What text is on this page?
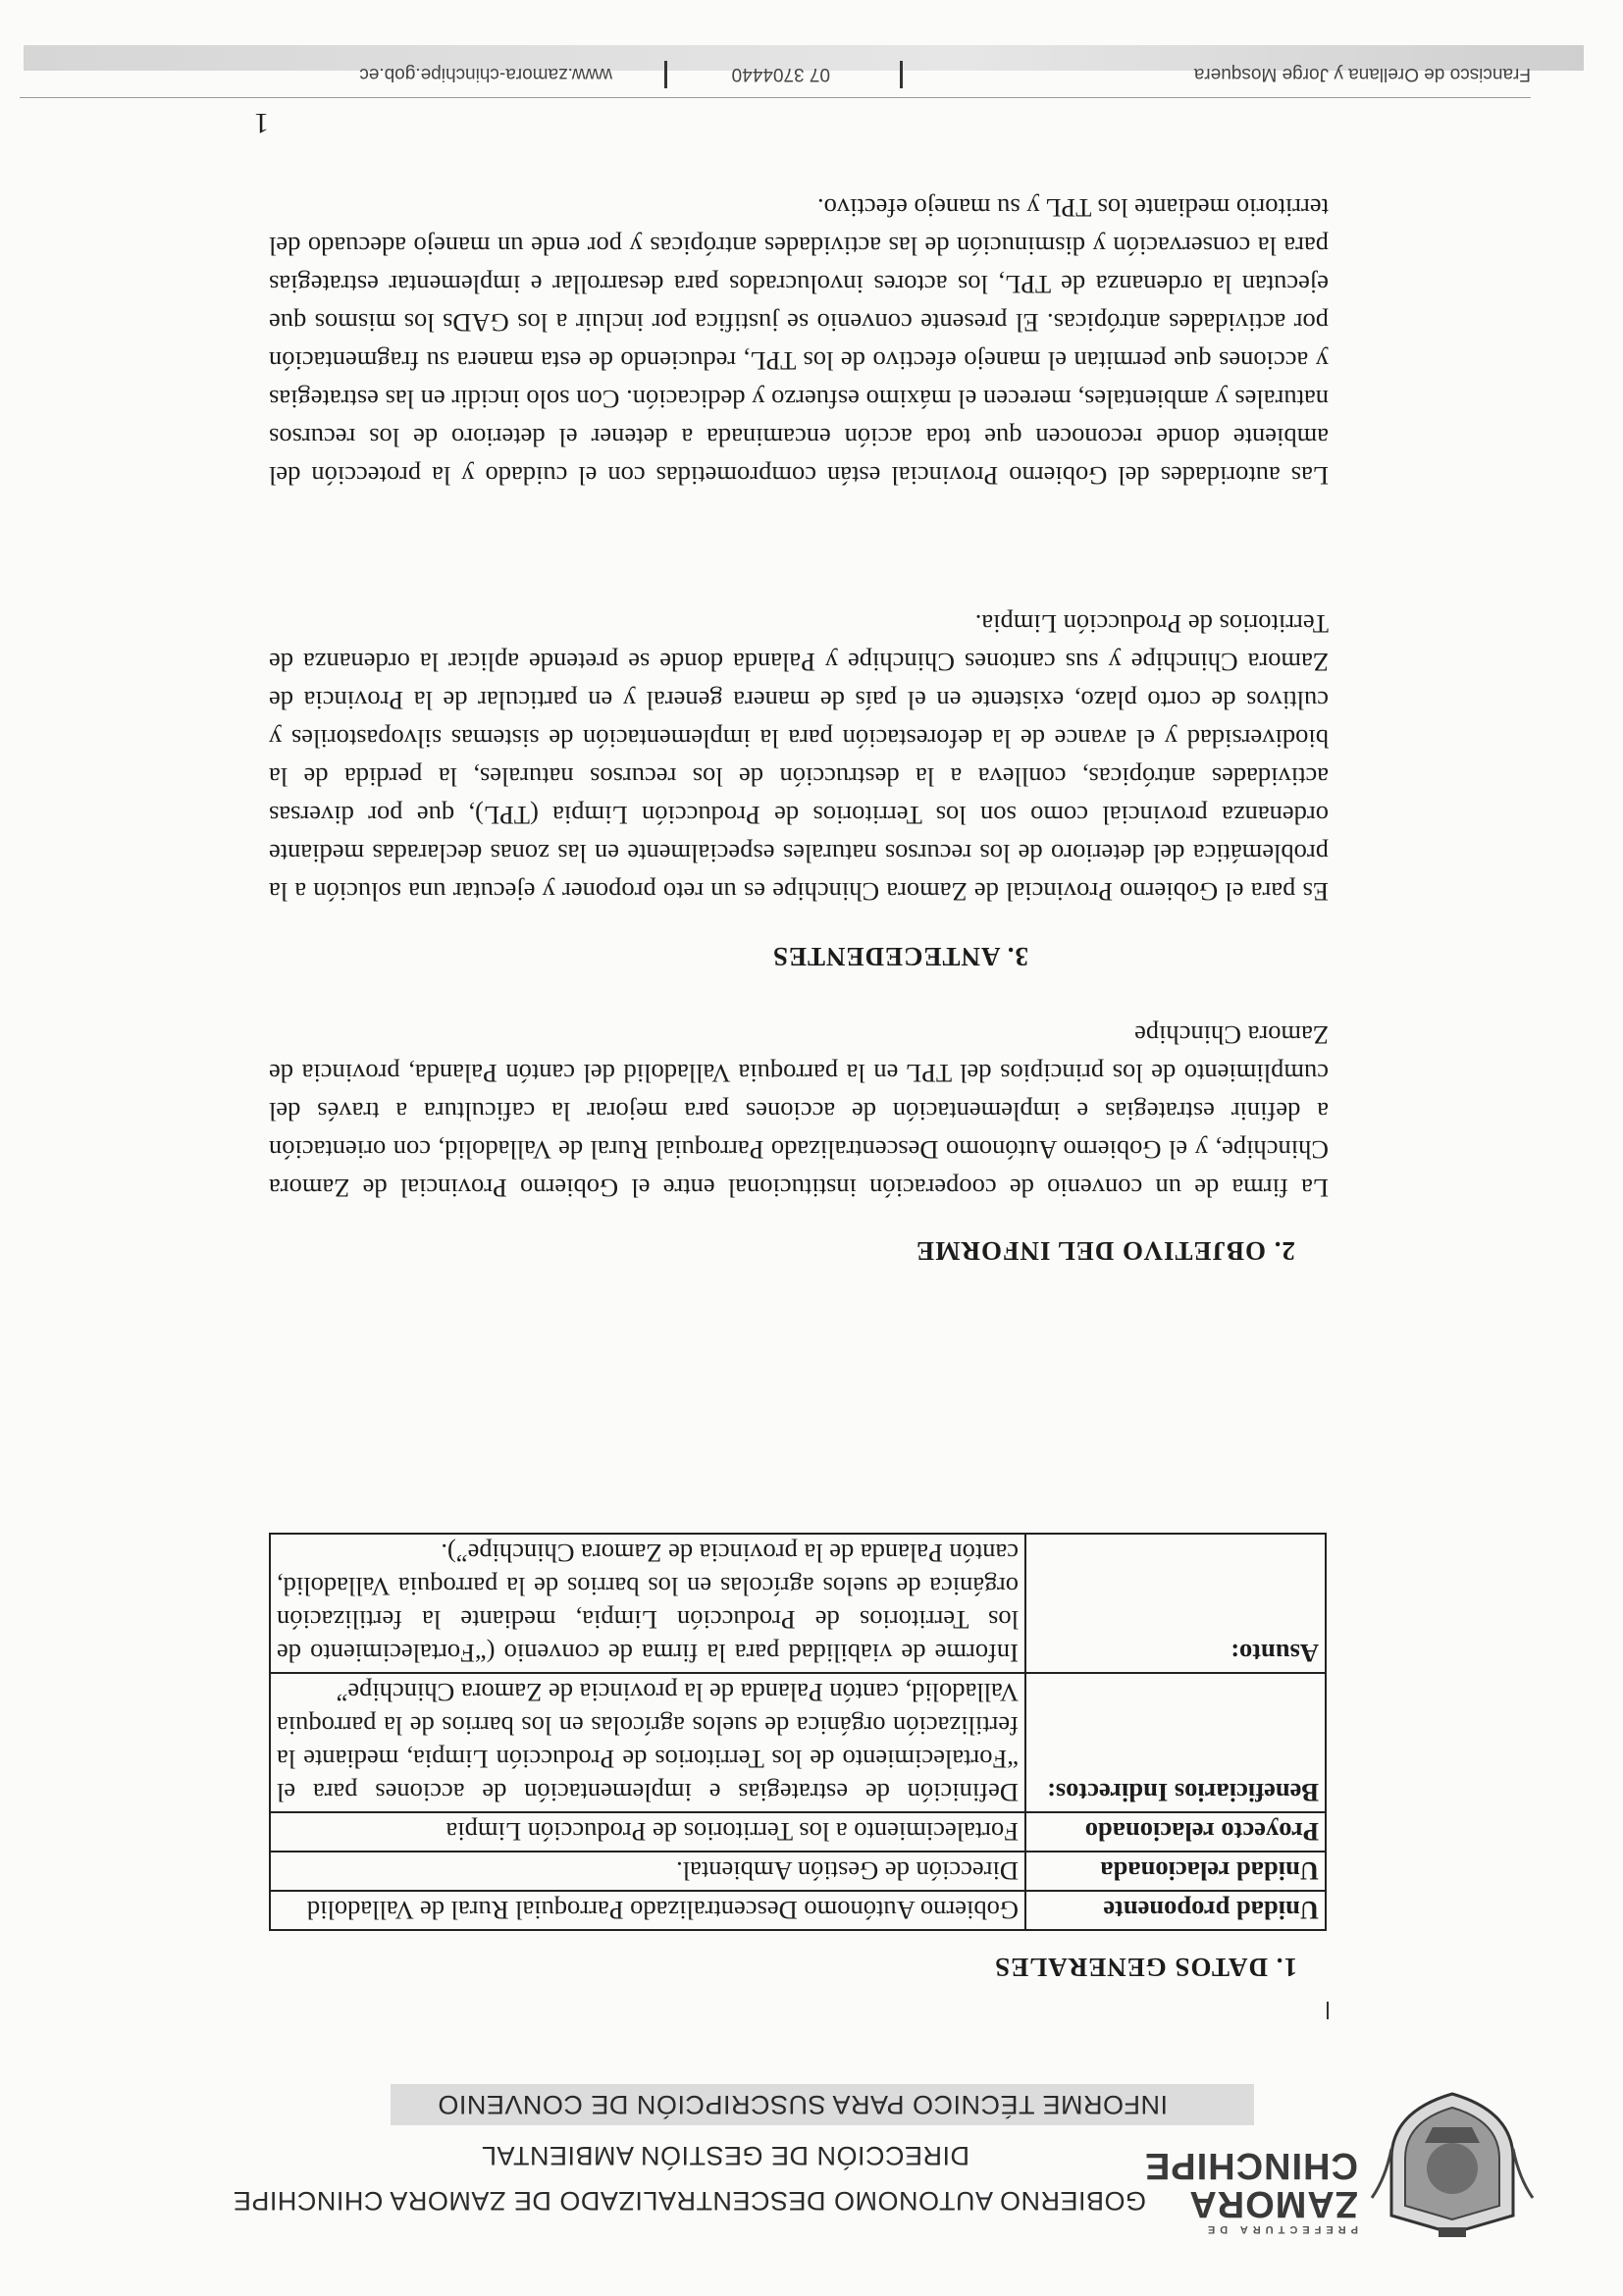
PREFECTURA DE
ZAMORA
CHINCHIPE
GOBIERNO AUTONOMO DESCENTRALIZADO DE ZAMORA CHINCHIPE
DIRECCIÓN DE GESTIÓN AMBIENTAL
INFORME TÉCNICO PARA SUSCRIPCIÓN DE CONVENIO
1. DATOS GENERALES
Unidad proponente	Gobierno Autónomo Descentralizado Parroquial Rural de Valladolid
Unidad relacionada	Dirección de Gestión Ambiental.
Proyecto relacionado	Fortalecimiento a los Territorios de Producción Limpia
Beneficiarios Indirectos:	Definición de estrategias e implementación de acciones para el “Fortalecimiento de los Territorios de Producción Limpia, mediante la fertilización orgánica de suelos agrícolas en los barrios de la parroquia Valladolid, cantón Palanda de la provincia de Zamora Chinchipe”
Asunto:	Informe de viabilidad para la firma de convenio (“Fortalecimiento de los Territorios de Producción Limpia, mediante la fertilización orgánica de suelos agrícolas en los barrios de la parroquia Valladolid, cantón Palanda de la provincia de Zamora Chinchipe”).
2. OBJETIVO DEL INFORME
La firma de un convenio de cooperación institucional entre el Gobierno Provincial de Zamora Chinchipe, y el Gobierno Autónomo Descentralizado Parroquial Rural de Valladolid, con orientación a definir estrategias e implementación de acciones para mejorar la caficultura a través del cumplimiento de los principios del TPL en la parroquia Valladolid del cantón Palanda, provincia de Zamora Chinchipe
3. ANTECEDENTES
Es para el Gobierno Provincial de Zamora Chinchipe es un reto proponer y ejecutar una solución a la problemática del deterioro de los recursos naturales especialmente en las zonas declaradas mediante ordenanza provincial como son los Territorios de Producción Limpia (TPL), que por diversas actividades antrópicas, conlleva a la destrucción de los recursos naturales, la perdida de la biodiversidad y el avance de la deforestación para la implementación de sistemas silvopastoriles y cultivos de corto plazo, existente en el país de manera general y en particular de la Provincia de Zamora Chinchipe y sus cantones Chinchipe y Palanda donde se pretende aplicar la ordenanza de Territorios de Producción Limpia.
Las autoridades del Gobierno Provincial están comprometidas con el cuidado y la protección del ambiente donde reconocen que toda acción encaminada a detener el deterioro de los recursos naturales y ambientales, merecen el máximo esfuerzo y dedicación. Con solo incidir en las estrategias y acciones que permitan el manejo efectivo de los TPL, reduciendo de esta manera su fragmentación por actividades antrópicas. El presente convenio se justifica por incluir a los GADs los mismos que ejecutan la ordenanza de TPL, los actores involucrados para desarrollar e implementar estrategias para la conservación y disminución de las actividades antrópicas y por ende un manejo adecuado del territorio mediante los TPL y su manejo efectivo.
1
Francisco de Orellana y Jorge Mosquera
07 3704440
www.zamora-chinchipe.gob.ec
